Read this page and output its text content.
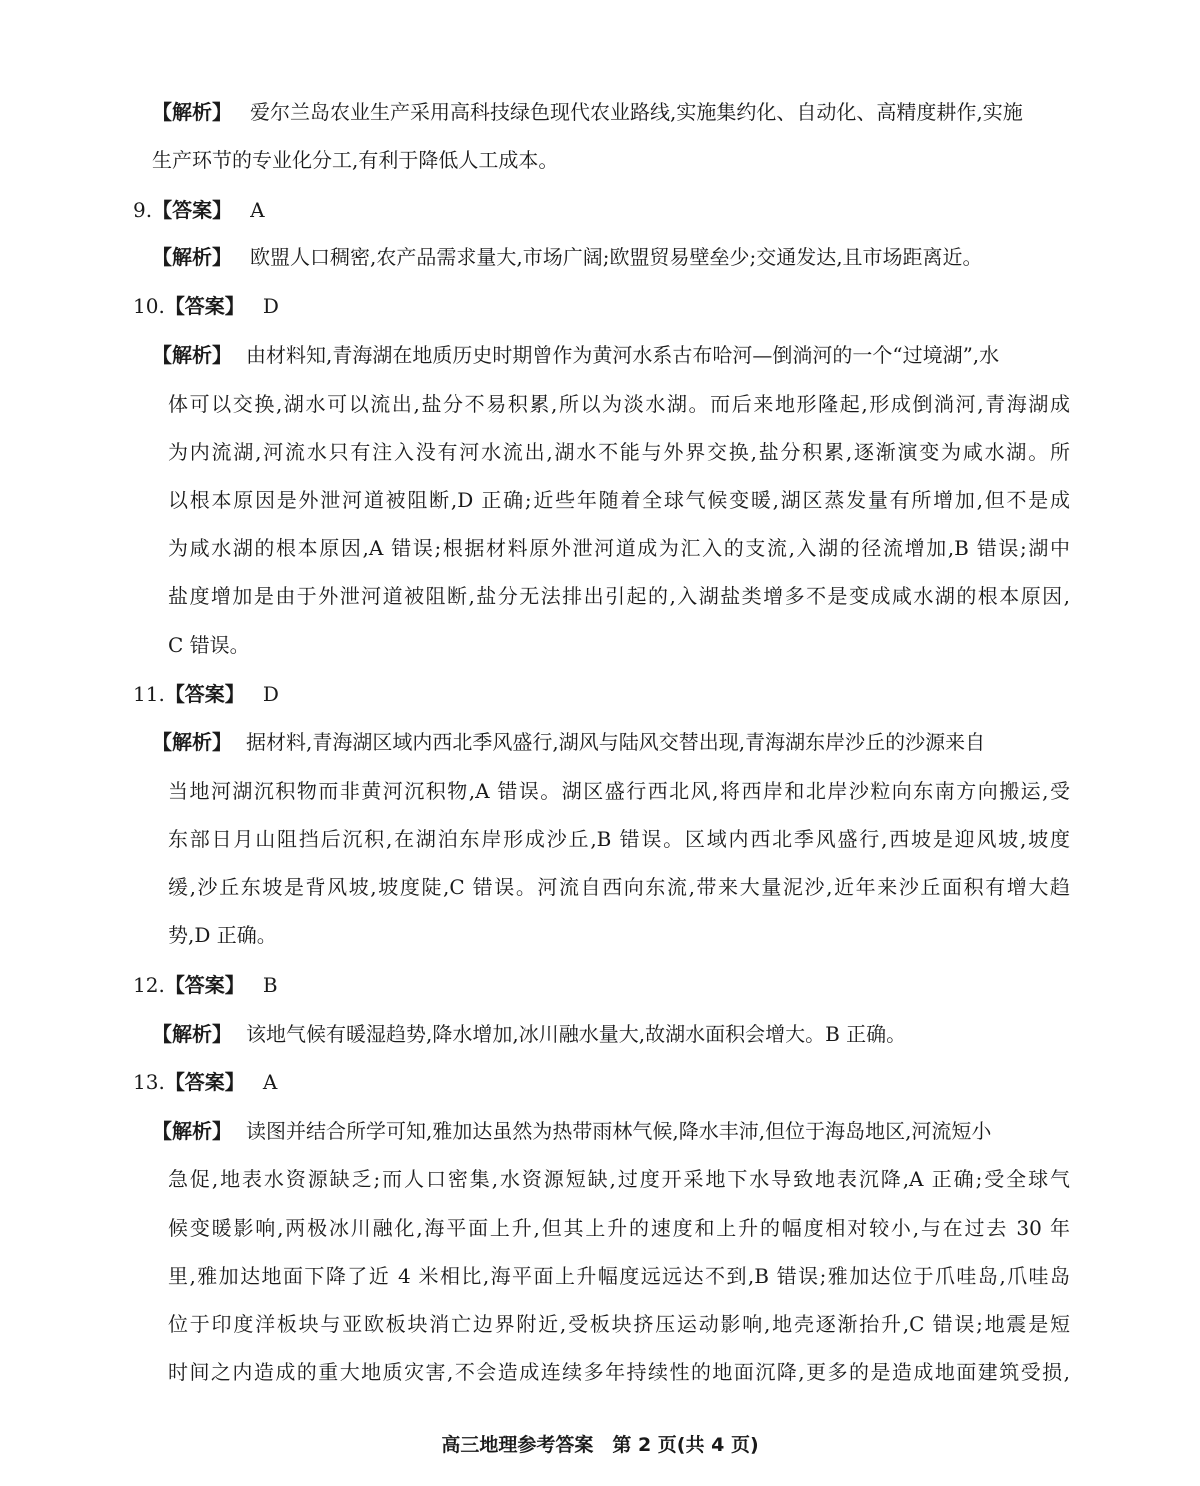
【解析】 爱尔兰岛农业生产采用高科技绿色现代农业路线,实施集约化、自动化、高精度耕作,实施
生产环节的专业化分工,有利于降低人工成本。
9.【答案】 A
【解析】 欧盟人口稠密,农产品需求量大,市场广阔;欧盟贸易壁垒少;交通发达,且市场距离近。
10.【答案】 D
【解析】 由材料知,青海湖在地质历史时期曾作为黄河水系古布哈河—倒淌河的一个“过境湖”,水
体可以交换,湖水可以流出,盐分不易积累,所以为淡水湖。而后来地形隆起,形成倒淌河,青海湖成
为内流湖,河流水只有注入没有河水流出,湖水不能与外界交换,盐分积累,逐渐演变为咸水湖。所
以根本原因是外泄河道被阻断,D 正确;近些年随着全球气候变暖,湖区蒸发量有所增加,但不是成
为咸水湖的根本原因,A 错误;根据材料原外泄河道成为汇入的支流,入湖的径流增加,B 错误;湖中
盐度增加是由于外泄河道被阻断,盐分无法排出引起的,入湖盐类增多不是变成咸水湖的根本原因,
C 错误。
11.【答案】 D
【解析】 据材料,青海湖区域内西北季风盛行,湖风与陆风交替出现,青海湖东岸沙丘的沙源来自
当地河湖沉积物而非黄河沉积物,A 错误。湖区盛行西北风,将西岸和北岸沙粒向东南方向搬运,受
东部日月山阻挡后沉积,在湖泊东岸形成沙丘,B 错误。区域内西北季风盛行,西坡是迎风坡,坡度
缓,沙丘东坡是背风坡,坡度陡,C 错误。河流自西向东流,带来大量泥沙,近年来沙丘面积有增大趋
势,D 正确。
12.【答案】 B
【解析】 该地气候有暖湿趋势,降水增加,冰川融水量大,故湖水面积会增大。B 正确。
13.【答案】 A
【解析】 读图并结合所学可知,雅加达虽然为热带雨林气候,降水丰沛,但位于海岛地区,河流短小
急促,地表水资源缺乏;而人口密集,水资源短缺,过度开采地下水导致地表沉降,A 正确;受全球气
候变暖影响,两极冰川融化,海平面上升,但其上升的速度和上升的幅度相对较小,与在过去 30 年
里,雅加达地面下降了近 4 米相比,海平面上升幅度远远达不到,B 错误;雅加达位于爪哇岛,爪哇岛
位于印度洋板块与亚欧板块消亡边界附近,受板块挤压运动影响,地壳逐渐抬升,C 错误;地震是短
时间之内造成的重大地质灾害,不会造成连续多年持续性的地面沉降,更多的是造成地面建筑受损,
高三地理参考答案　第 2 页(共 4 页)
